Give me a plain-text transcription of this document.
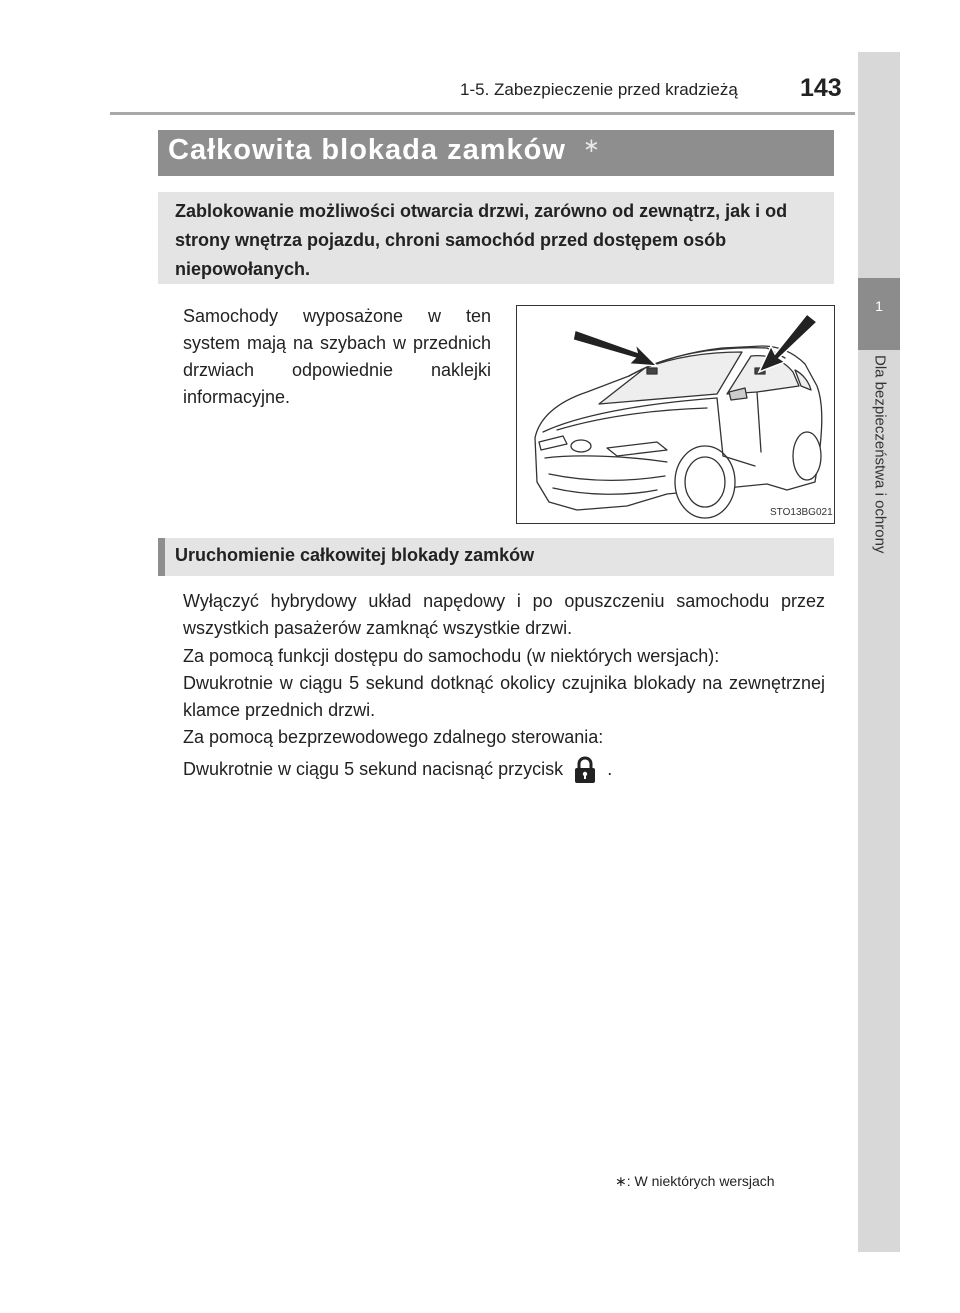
1-5. Zabezpieczenie przed kradzieżą 143
1
Dla bezpieczeństwa i ochrony
Całkowita blokada zamków ∗
Zablokowanie możliwości otwarcia drzwi, zarówno od zewnątrz, jak i od strony wnętrza pojazdu, chroni samochód przed dostępem osób niepowołanych.
Samochody wyposażone w ten system mają na szybach w przednich drzwiach odpowiednie naklejki informacyjne.
STO13BG021
Uruchomienie całkowitej blokady zamków
Wyłączyć hybrydowy układ napędowy i po opuszczeniu samochodu przez wszystkich pasażerów zamknąć wszystkie drzwi.
Za pomocą funkcji dostępu do samochodu (w niektórych wersjach):
Dwukrotnie w ciągu 5 sekund dotknąć okolicy czujnika blokady na zewnętrznej klamce przednich drzwi.
Za pomocą bezprzewodowego zdalnego sterowania:
Dwukrotnie w ciągu 5 sekund nacisnąć przycisk .
∗: W niektórych wersjach
